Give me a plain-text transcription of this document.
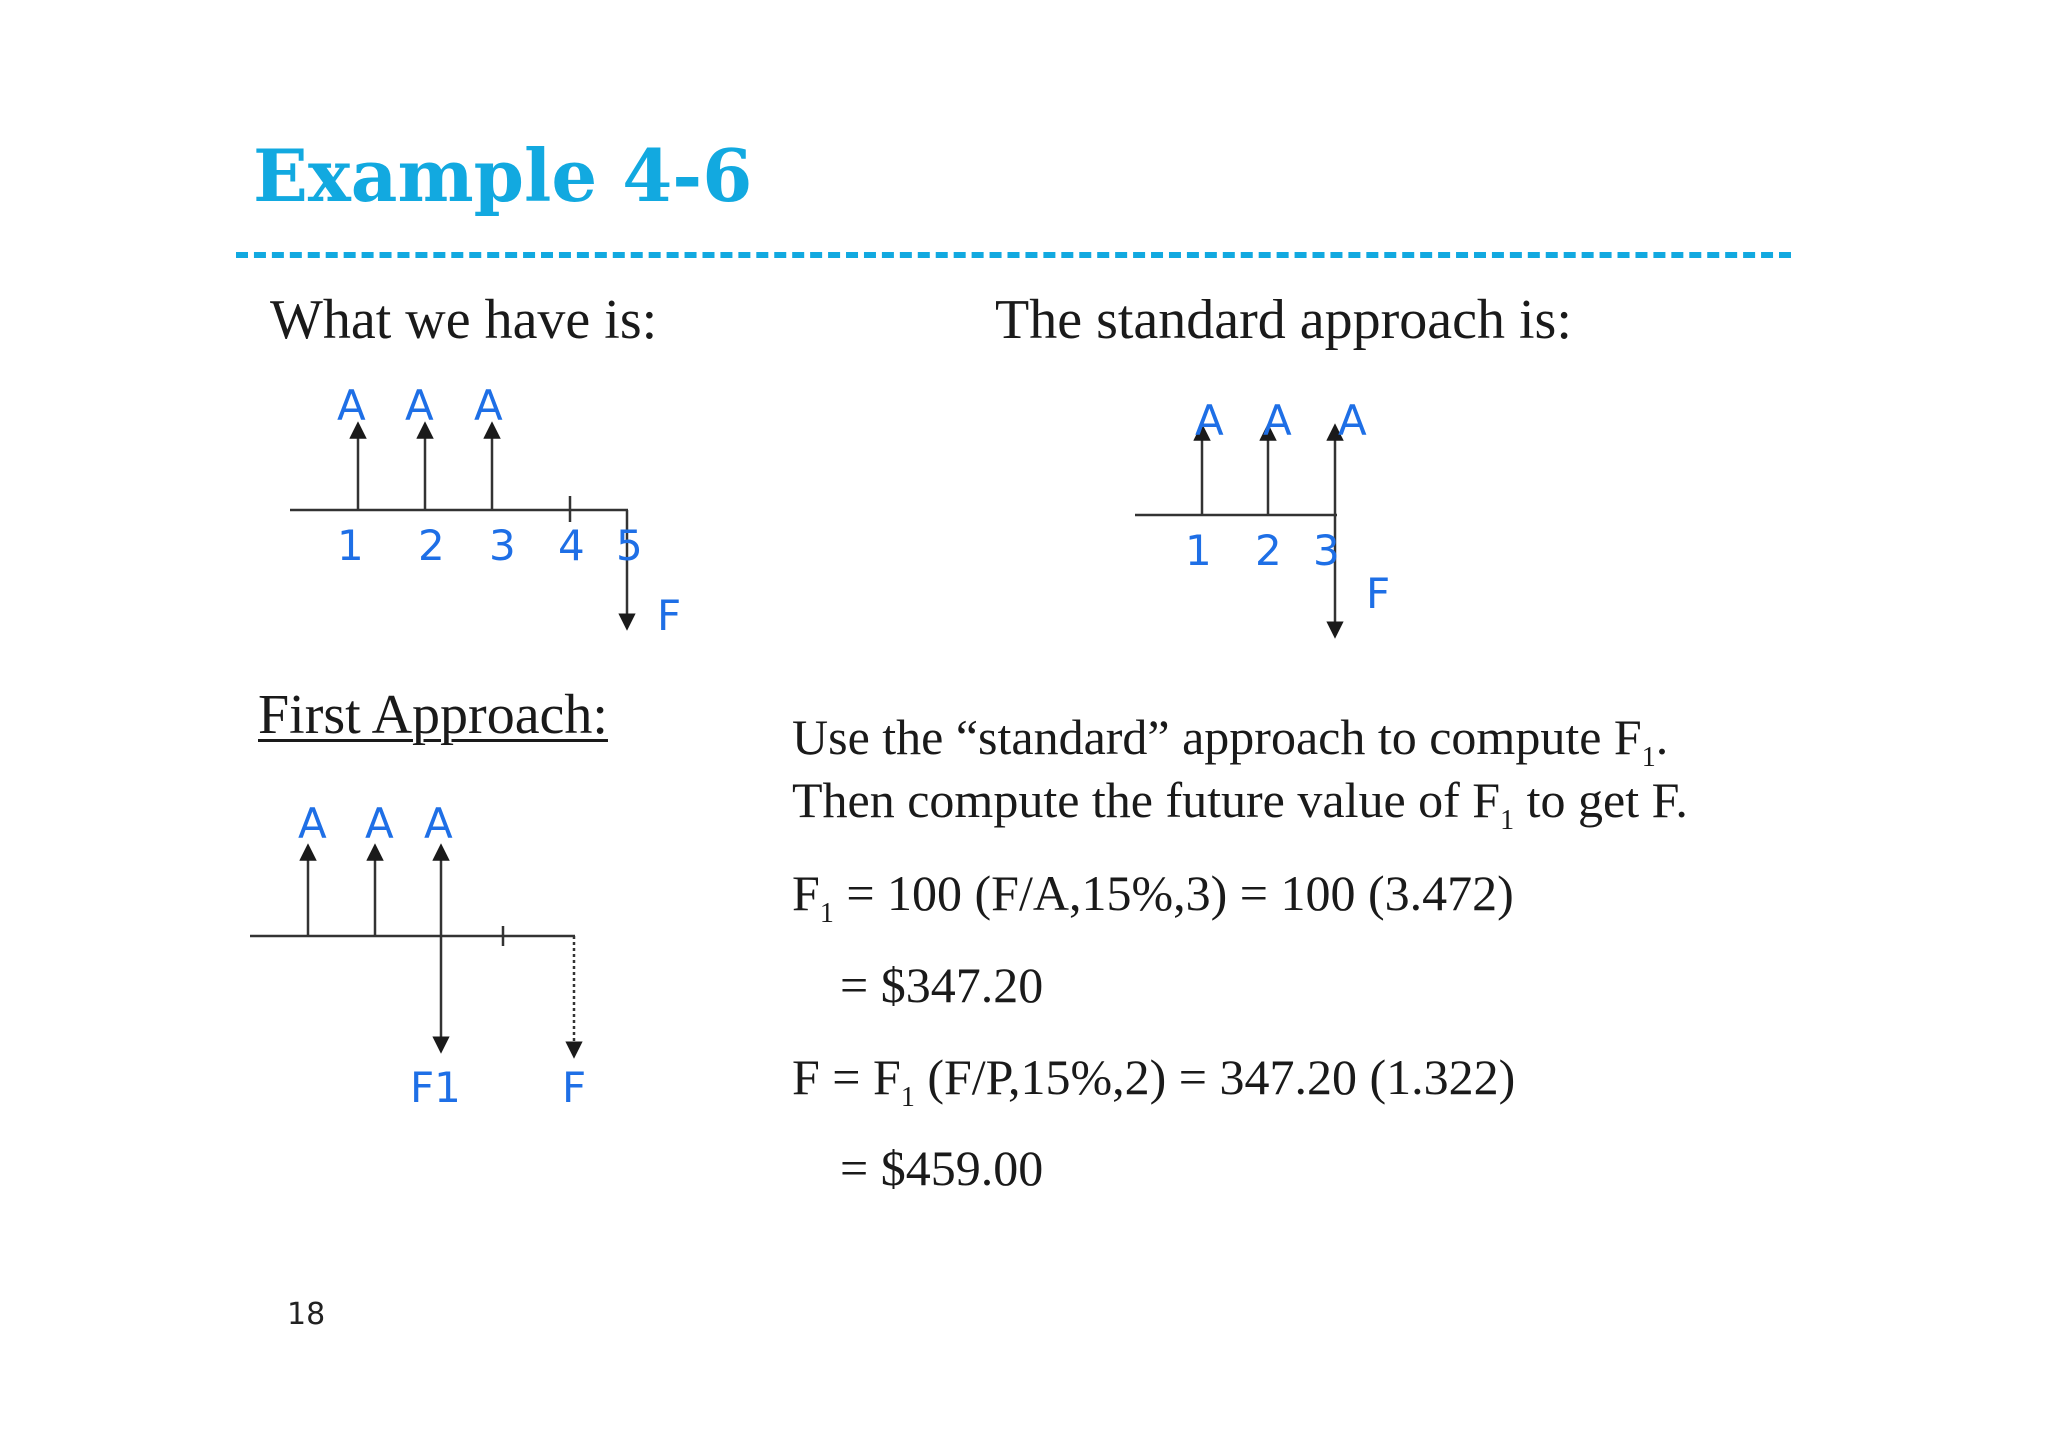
Example 4-6
What we have is:	The standard approach is:
First Approach:
A A A
1 2 3 4 5
F
A A A
1 2 3
F
A A A
F1 F
Use the “standard” approach to compute $F_1$.
Then compute the future value of $F_1$ to get F.
$F_1 = 100$ (F/A,15%,3) = 100 (3.472)
= $347.20
$F = F_1$ (F/P,15%,2) = 347.20 (1.322)
= $459.00
18
